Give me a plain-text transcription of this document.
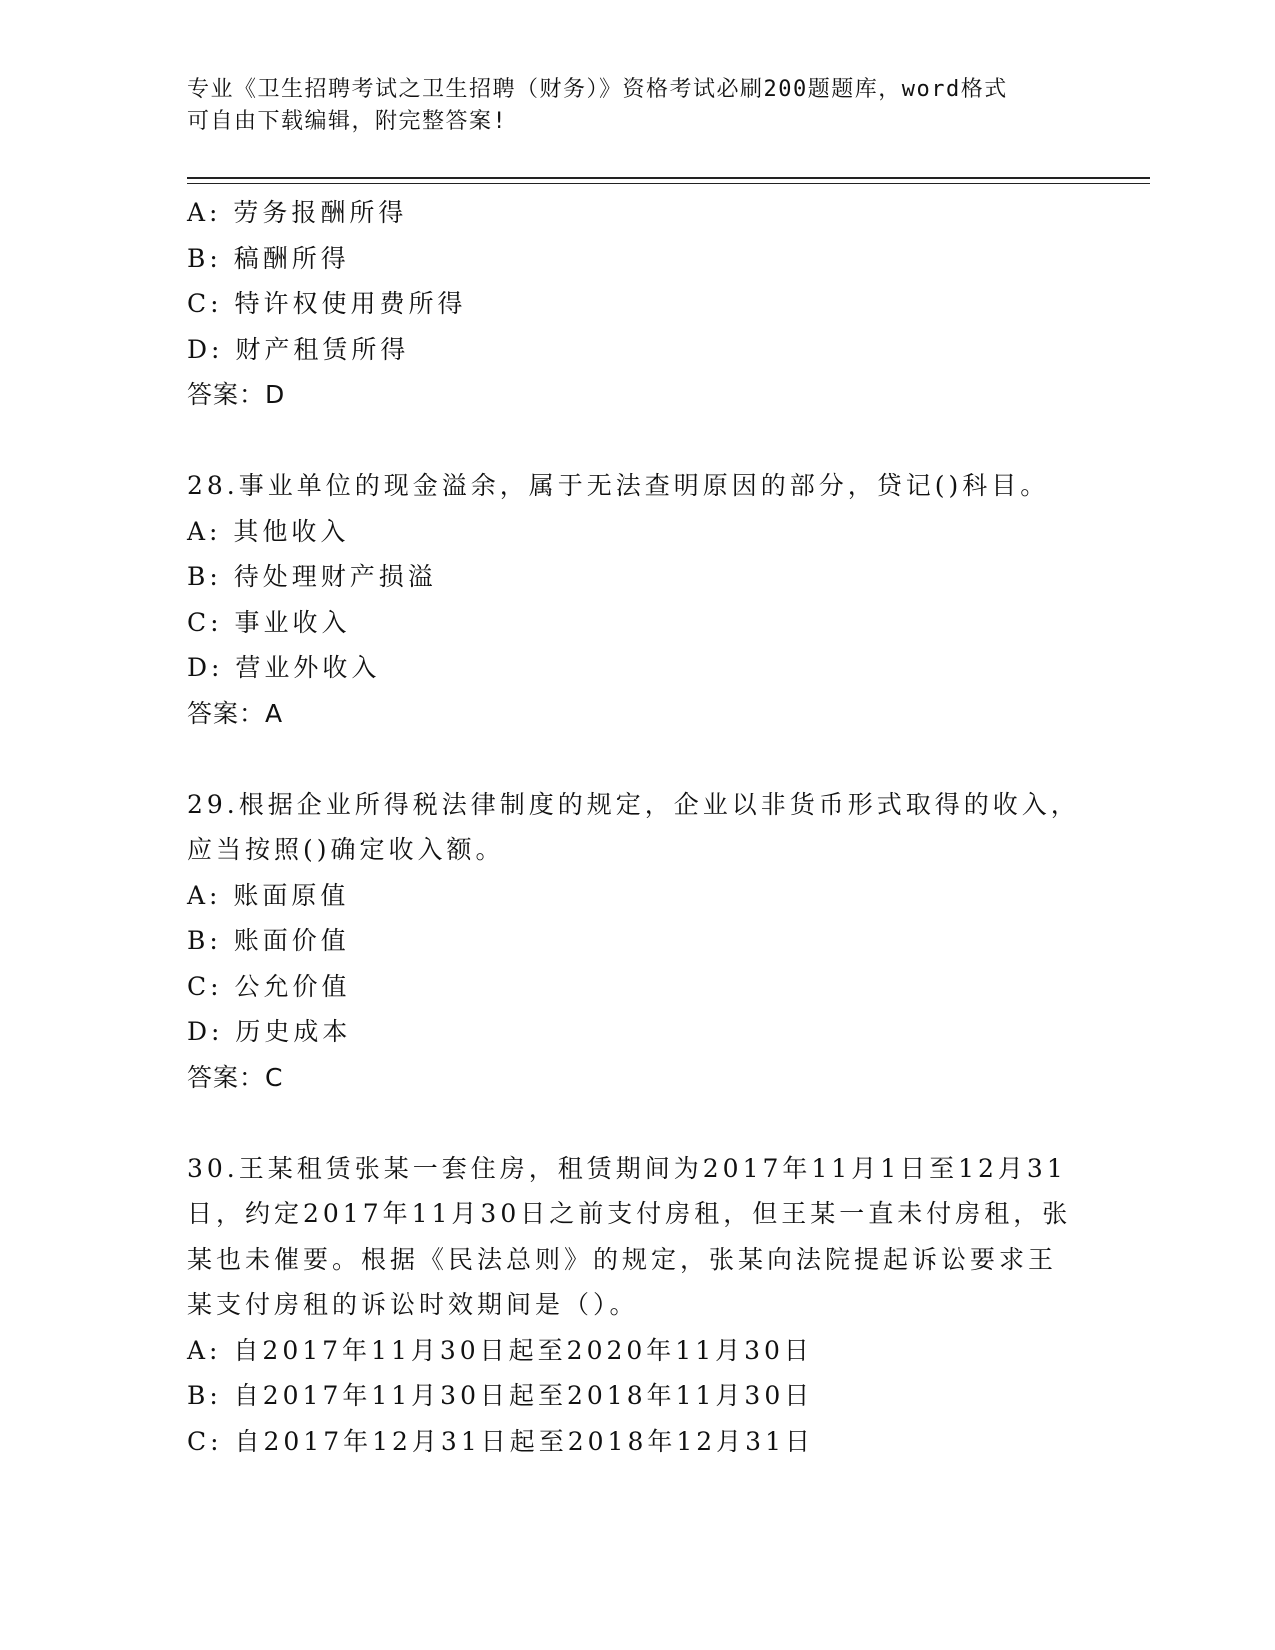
专业《卫生招聘考试之卫生招聘（财务）》资格考试必刷200题题库，word格式
可自由下载编辑，附完整答案!
A: 劳务报酬所得
B: 稿酬所得
C: 特许权使用费所得
D: 财产租赁所得
答案：D
28.事业单位的现金溢余，属于无法查明原因的部分，贷记()科目。
A: 其他收入
B: 待处理财产损溢
C: 事业收入
D: 营业外收入
答案：A
29.根据企业所得税法律制度的规定，企业以非货币形式取得的收入，
应当按照()确定收入额。
A: 账面原值
B: 账面价值
C: 公允价值
D: 历史成本
答案：C
30.王某租赁张某一套住房，租赁期间为2017年11月1日至12月31
日，约定2017年11月30日之前支付房租，但王某一直未付房租，张
某也未催要。根据《民法总则》的规定，张某向法院提起诉讼要求王
某支付房租的诉讼时效期间是（）。
A: 自2017年11月30日起至2020年11月30日
B: 自2017年11月30日起至2018年11月30日
C: 自2017年12月31日起至2018年12月31日
